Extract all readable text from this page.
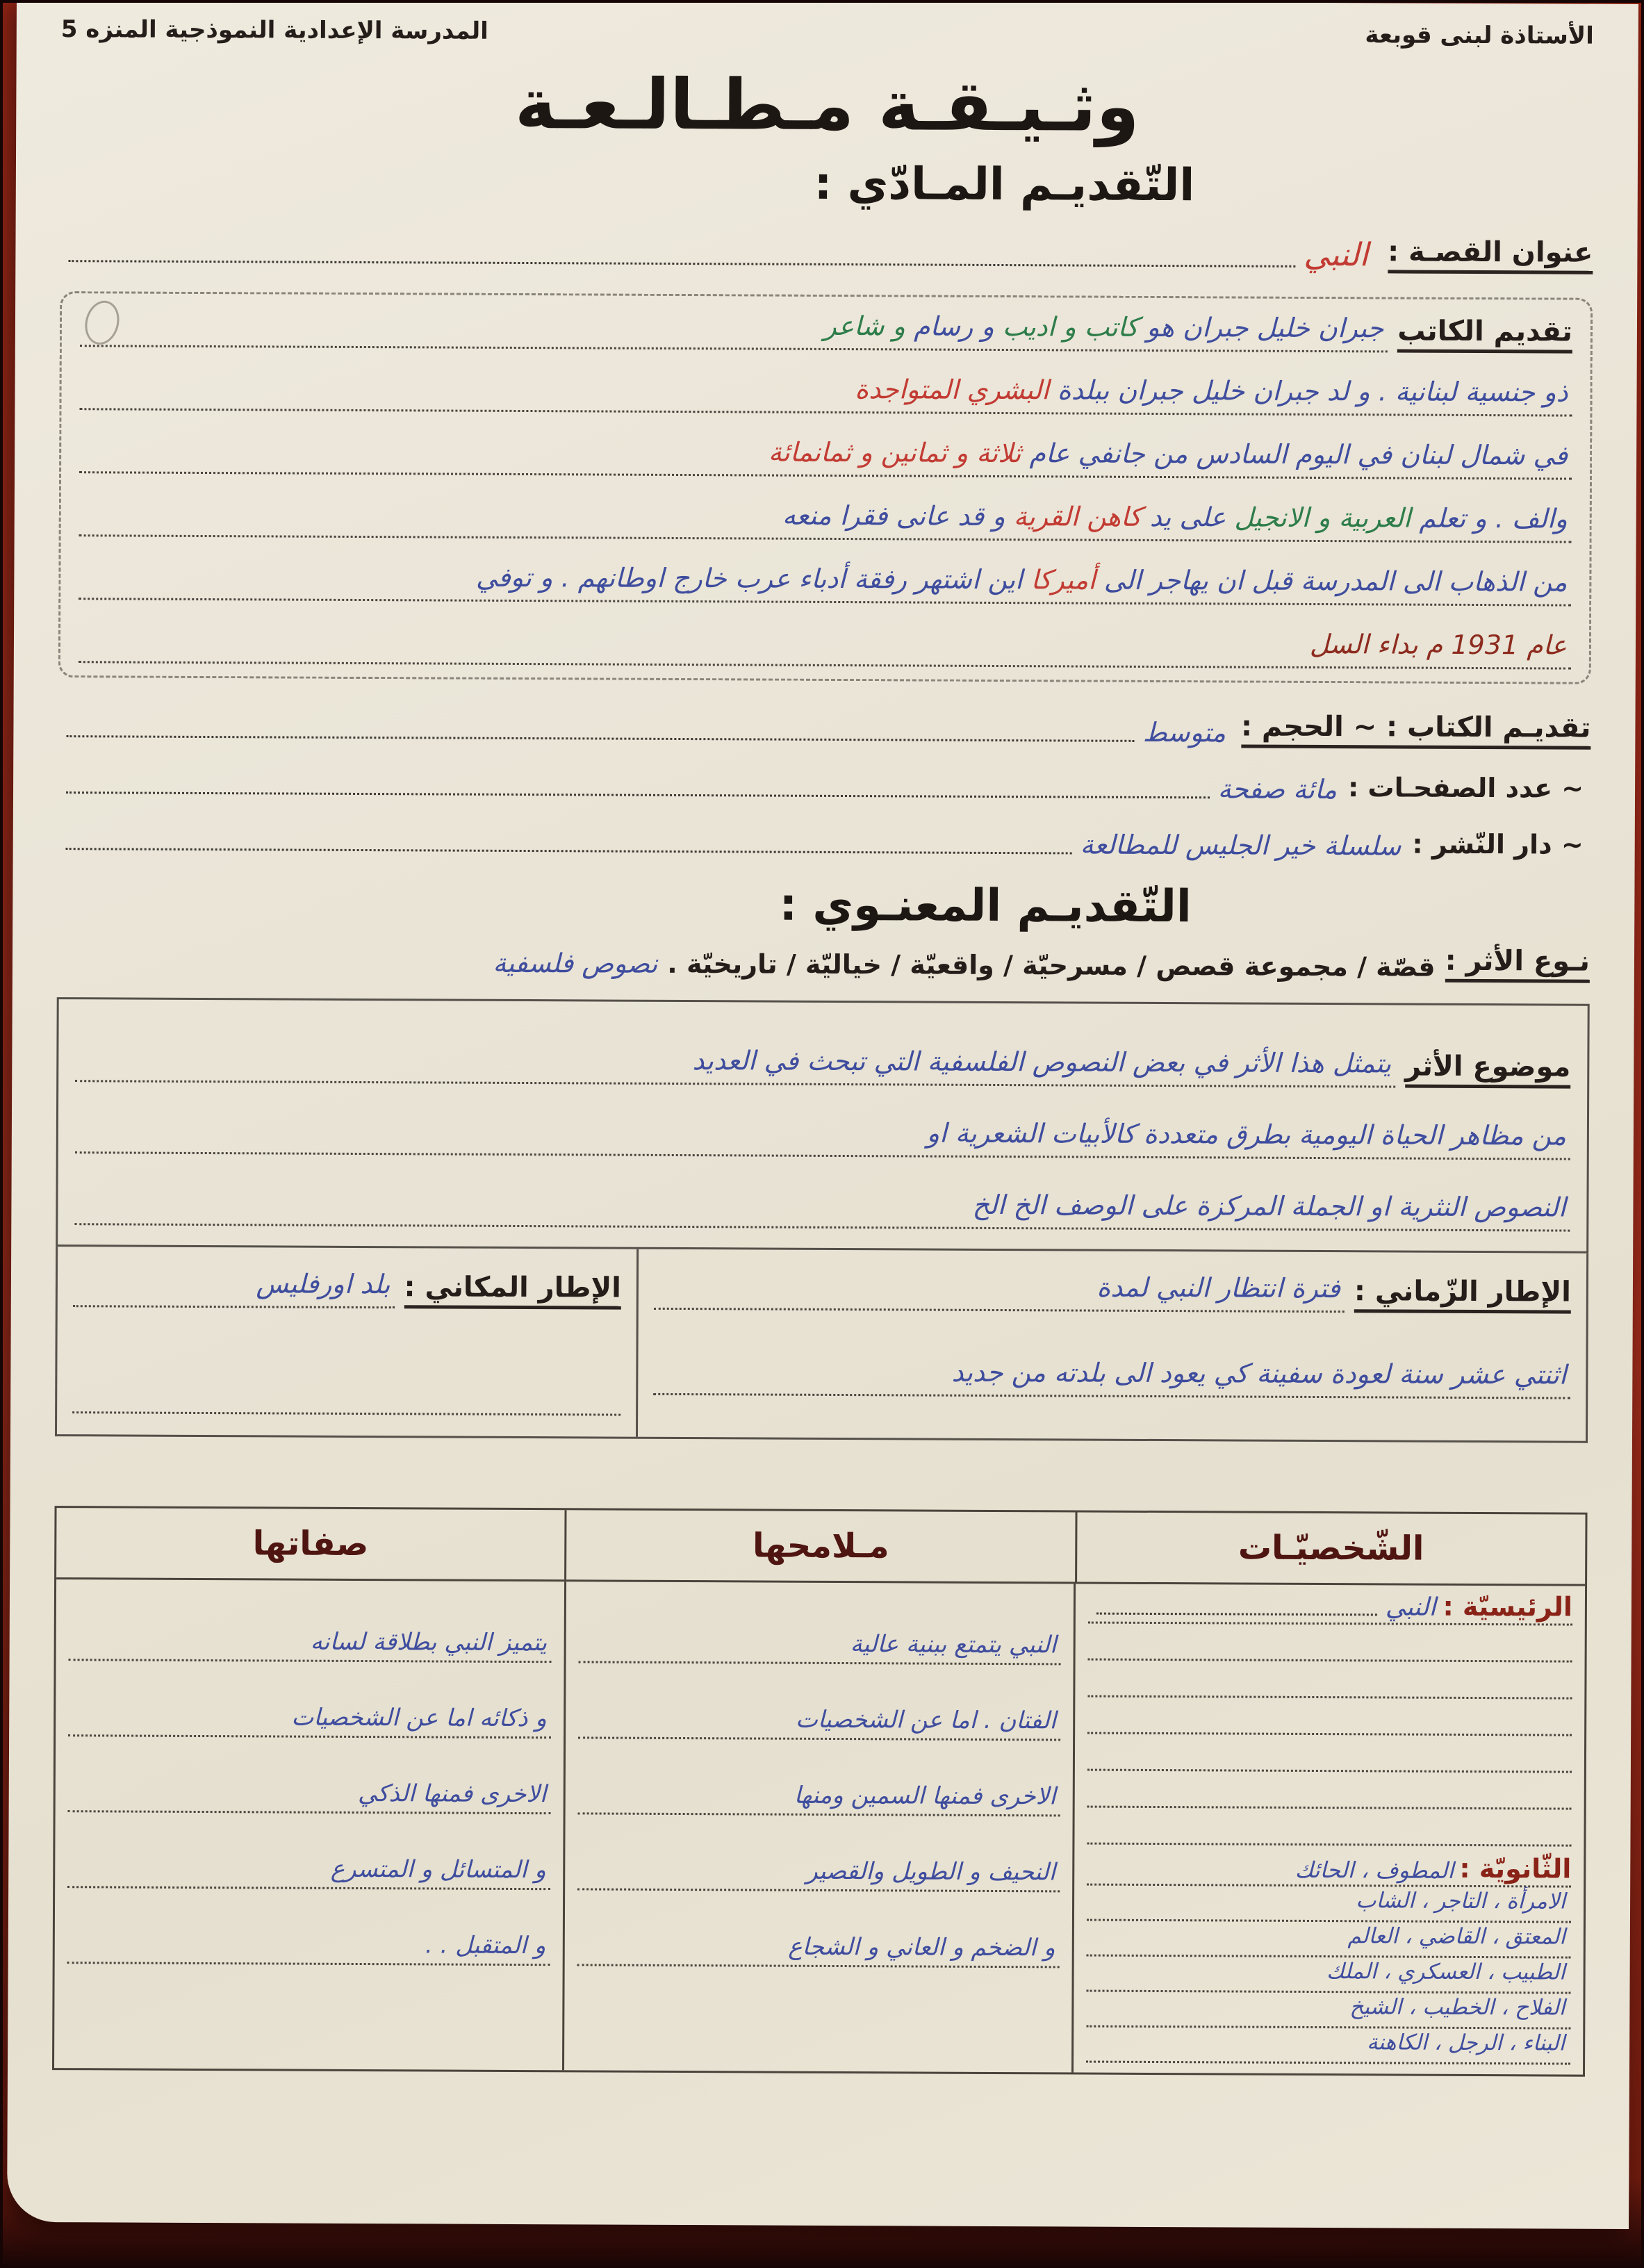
الأستاذة لبنى قوبعة
المدرسة الإعدادية النموذجية المنزه 5
وثـيـقـة مـطـالـعـة
التّقديـم المـادّي :
عنوان القصـة :
النبي
تقديم الكاتب
جبران خليل جبران هو كاتب و اديب و رسام و شاعر
ذو جنسية لبنانية . و لد جبران خليل جبران ببلدة البشري المتواجدة
في شمال لبنان في اليوم السادس من جانفي عام ثلاثة و ثمانين و ثمانمائة
والف . و تعلم العربية و الانجيل على يد كاهن القرية و قد عانى فقرا منعه
من الذهاب الى المدرسة قبل ان يهاجر الى أميركا اين اشتهر رفقة أدباء عرب خارج اوطانهم . و توفي
عام 1931 م بداء السل
تقديـم الكتاب : ~ الحجم :
متوسط
~ عدد الصفحـات :
مائة صفحة
~ دار النّشر :
سلسلة خير الجليس للمطالعة
التّقديـم المعنـوي :
نـوع الأثر :
قصّة / مجموعة قصص / مسرحيّة / واقعيّة / خياليّة / تاريخيّة .
نصوص فلسفية
موضوع الأثر
يتمثل هذا الأثر في بعض النصوص الفلسفية التي تبحث في العديد
من مظاهر الحياة اليومية بطرق متعددة كالأبيات الشعرية او
النصوص النثرية او الجملة المركزة على الوصف الخ الخ
الإطار الزّماني :
فترة انتظار النبي لمدة
اثنتي عشر سنة لعودة سفينة كي يعود الى بلدته من جديد
الإطار المكاني :
بلد اورفليس
الشّخصيّـات
مـلامحها
صفاتها
الرئيسيّة :
النبي
الثّانويّة :
المطوف ، الحائك
الامرأة ، التاجر ، الشاب
المعتق ، القاضي ، العالم
الطبيب ، العسكري ، الملك
الفلاح ، الخطيب ، الشيخ
البناء ، الرجل ، الكاهنة
النبي يتمتع ببنية عالية
الفتان . اما عن الشخصيات
الاخرى فمنها السمين ومنها
النحيف و الطويل والقصير
و الضخم و العاني و الشجاع
يتميز النبي بطلاقة لسانه
و ذكائه اما عن الشخصيات
الاخرى فمنها الذكي
و المتسائل و المتسرع
و المتقبل . .
